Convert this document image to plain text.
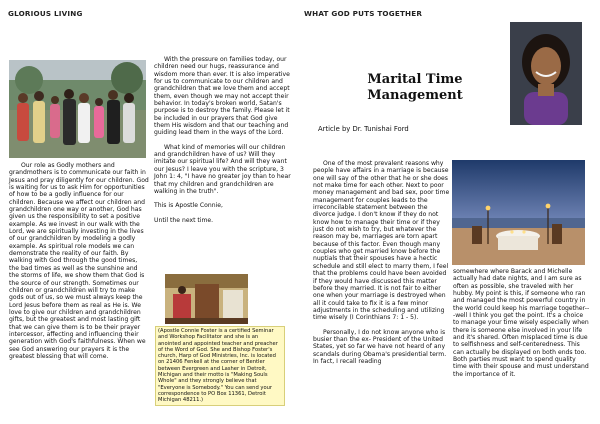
GLORIOUS LIVING
Our role as Godly mothers and grandmothers is to communicate our faith in Jesus and pray diligently for our children. God is waiting for us to ask Him for opportunities of how to be a godly influence for our children. Because we affect our children and grandchildren one way or another, God has given us the responsibility to set a positive example. As we invest in our walk with the Lord, we are spiritually investing in the lives of our grandchildren by modeling a godly example. As spiritual role models we can demonstrate the reality of our faith. By walking with God through the good times, the bad times as well as the sunshine and the storms of life, we show them that God is the source of our strength. Sometimes our children or grandchildren will try to make gods out of us, so we must always keep the Lord Jesus before them as real as He is. We love to give our children and grandchildren gifts, but the greatest and most lasting gift that we can give them is to be their prayer intercessor, affecting and influencing their generation with God's faithfulness. When we see God answering our prayers it is the greatest blessing that will come.

With the pressure on families today, our children need our hugs, reassurance and wisdom more than ever. It is also imperative for us to communicate to our children and grandchildren that we love them and accept them, even though we may not accept their behavior. In today's broken world, Satan's purpose is to destroy the family. Please let it be included in our prayers that God give them His wisdom and that our teaching and guiding lead them in the ways of the Lord.

What kind of memories will our children and grandchildren have of us? Will they imitate our spiritual life? And will they want our Jesus? I leave you with the scripture, 3 John 1: 4, "I have no greater joy than to hear that my children and grandchildren are walking in the truth".

This is Apostle Connie,

Until the next time.

(Apostle Connie Foster is a certified Seminar and Workshop Facilitator and she is an anointed and appointed teacher and preacher of the Word of God. She and Bishop Foster's church, Harp of God Ministries, Inc. is located on 21406 Fenkell at the corner of Bentler between Evergreen and Lasher in Detroit, Michigan and their motto is "Making Souls Whole" and they strongly believe that "Everyone is Somebody." You can send your correspondence to PO Box 11361, Detroit Michigan 48211.)
WHAT GOD PUTS TOGETHER
Marital Time
Management
Article by Dr. Tunishai Ford

One of the most prevalent reasons why people have affairs in a marriage is because one will say of the other that he or she does not make time for each other. Next to poor money management and bad sex, poor time management for couples leads to the irreconcilable statement between the divorce judge. I don't know if they do not know how to manage their time or if they just do not wish to try, but whatever the reason may be, marriages are torn apart because of this factor. Even though many couples who get married know before the nuptials that their spouses have a hectic schedule and still elect to marry them, I feel that the problems could have been avoided if they would have discussed this matter before they married. It is not fair to either one when your marriage is destroyed when all it could take to fix it is a few minor adjustments in the scheduling and utilizing time wisely (I Corinthians 7: 1 - 5).

Personally, I do not know anyone who is busier than the ex- President of the United States, yet so far we have not heard of any scandals during Obama's presidential term. In fact, I recall reading

somewhere where Barack and Michelle actually had date nights, and I am sure as often as possible, she traveled with her hubby. My point is this, if someone who ran and managed the most powerful country in the world could keep his marriage together---well I think you get the point. It's a choice to manage your time wisely especially when there is someone else involved in your life and it's shared. Often misplaced time is due to selfishness and self-centeredness. This can actually be displayed on both ends too. Both parties must want to spend quality time with their spouse and must understand the importance of it.
